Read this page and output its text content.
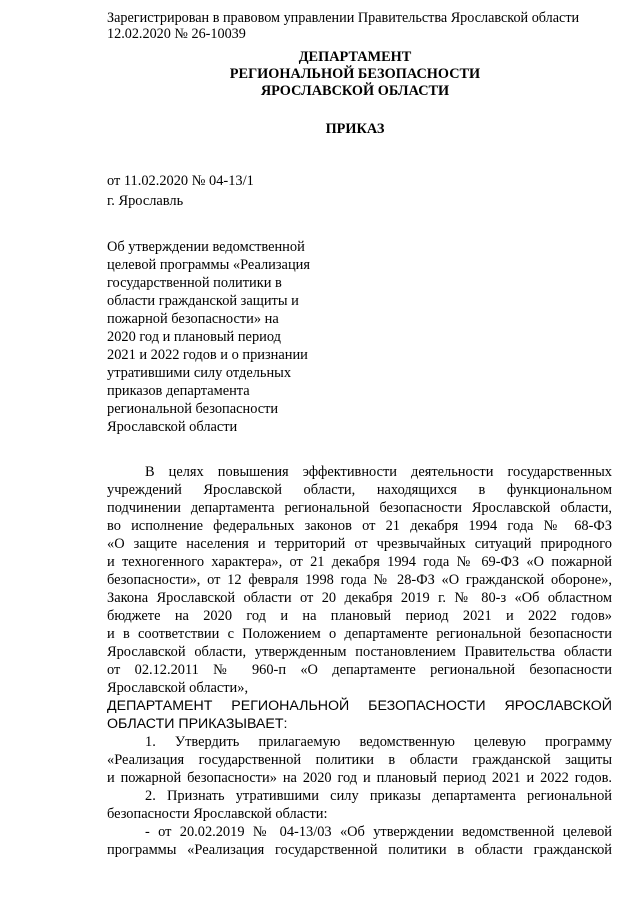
Зарегистрирован в правовом управлении Правительства Ярославской области
12.02.2020 № 26-10039
ДЕПАРТАМЕНТ
РЕГИОНАЛЬНОЙ БЕЗОПАСНОСТИ
ЯРОСЛАВСКОЙ ОБЛАСТИ
ПРИКАЗ
от 11.02.2020 № 04-13/1
г. Ярославль
Об утверждении ведомственной
целевой программы «Реализация
государственной политики в
области гражданской защиты и
пожарной безопасности» на
2020 год и плановый период
2021 и 2022 годов и о признании
утратившими силу отдельных
приказов департамента
региональной безопасности
Ярославской области
В целях повышения эффективности деятельности государственных
учреждений Ярославской области, находящихся в функциональном
подчинении департамента региональной безопасности Ярославской области,
во исполнение федеральных законов от 21 декабря 1994 года № 68-ФЗ
«О защите населения и территорий от чрезвычайных ситуаций природного
и техногенного характера», от 21 декабря 1994 года № 69-ФЗ «О пожарной
безопасности», от 12 февраля 1998 года № 28-ФЗ «О гражданской обороне»,
Закона Ярославской области от 20 декабря 2019 г. № 80-з «Об областном
бюджете на 2020 год и на плановый период 2021 и 2022 годов»
и в соответствии с Положением о департаменте региональной безопасности
Ярославской области, утвержденным постановлением Правительства области
от 02.12.2011 № 960-п «О департаменте региональной безопасности
Ярославской области»,
ДЕПАРТАМЕНТ РЕГИОНАЛЬНОЙ БЕЗОПАСНОСТИ ЯРОСЛАВСКОЙ
ОБЛАСТИ ПРИКАЗЫВАЕТ:
1. Утвердить прилагаемую ведомственную целевую программу
«Реализация государственной политики в области гражданской защиты
и пожарной безопасности» на 2020 год и плановый период 2021 и 2022 годов.
2. Признать утратившими силу приказы департамента региональной
безопасности Ярославской области:
- от 20.02.2019 № 04-13/03 «Об утверждении ведомственной целевой
программы «Реализация государственной политики в области гражданской
